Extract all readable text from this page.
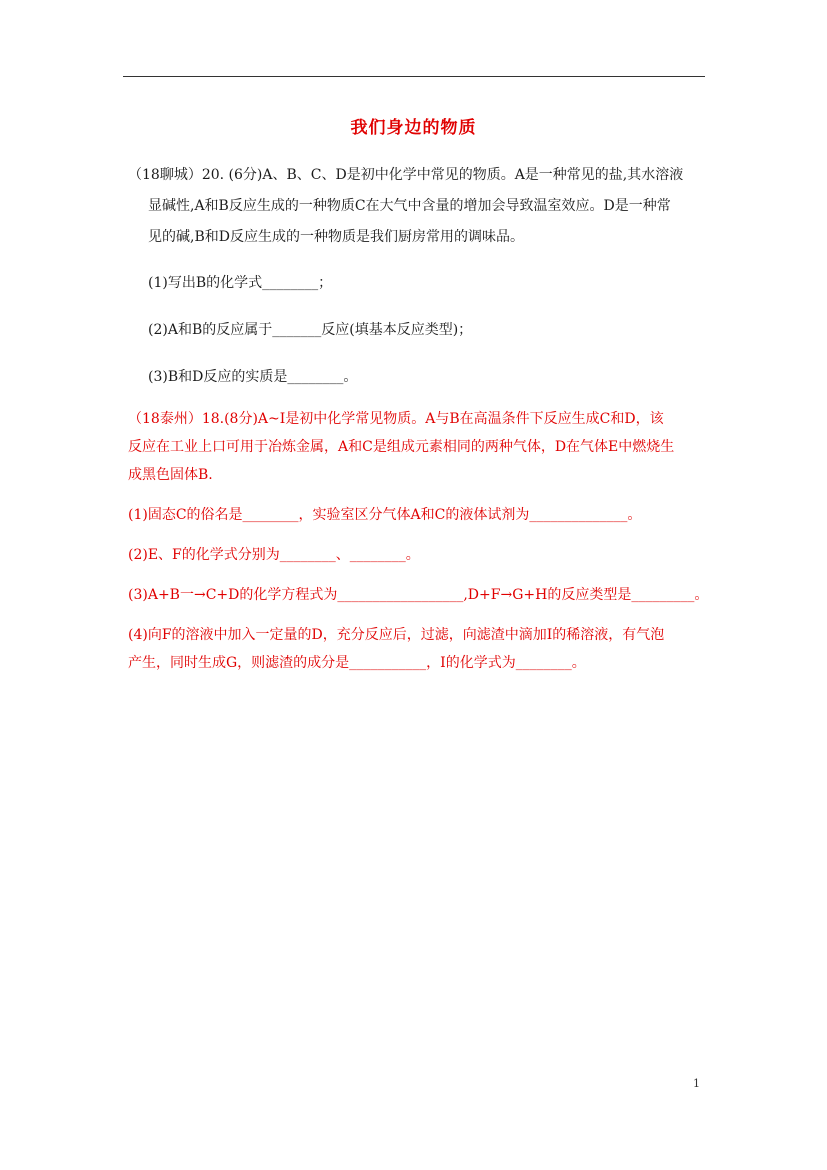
我们身边的物质
（18聊城）20. (6分)A、B、C、D是初中化学中常见的物质。A是一种常见的盐,其水溶液
显碱性,A和B反应生成的一种物质C在大气中含量的增加会导致温室效应。D是一种常
见的碱,B和D反应生成的一种物质是我们厨房常用的调味品。
(1)写出B的化学式________；
(2)A和B的反应属于_______反应(填基本反应类型)；
(3)B和D反应的实质是________。
（18泰州）18.(8分)A~I是初中化学常见物质。A与B在高温条件下反应生成C和D，该
反应在工业上口可用于冶炼金属，A和C是组成元素相同的两种气体，D在气体E中燃烧生
成黑色固体B.
(1)固态C的俗名是________，实验室区分气体A和C的液体试剂为______________。
(2)E、F的化学式分别为________、________。
(3)A+B一→C+D的化学方程式为__________________,D+F→G+H的反应类型是_________。
(4)向F的溶液中加入一定量的D，充分反应后，过滤，向滤渣中滴加I的稀溶液，有气泡
产生，同时生成G，则滤渣的成分是___________，I的化学式为________。
1
